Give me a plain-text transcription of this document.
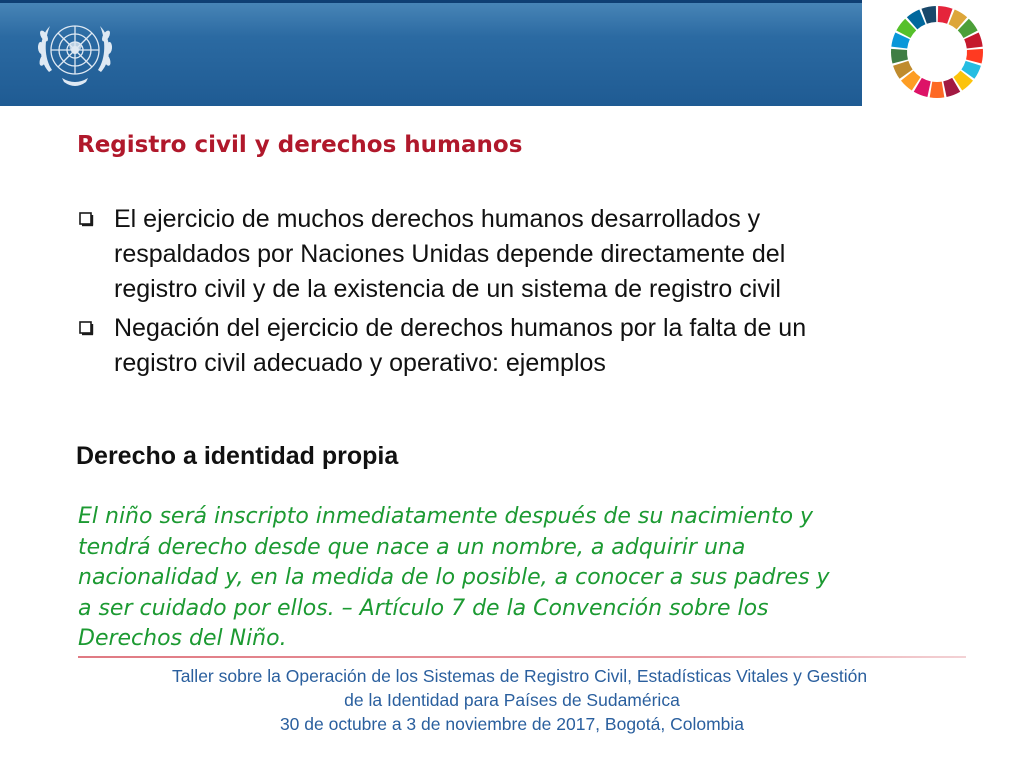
Registro civil y derechos humanos
El ejercicio de muchos derechos humanos desarrollados y
respaldados por Naciones Unidas depende directamente del
registro civil y de la existencia de un sistema de registro civil
Negación del ejercicio de derechos humanos por la falta de un
registro civil adecuado y operativo: ejemplos
Derecho a identidad propia

El niño será inscripto inmediatamente después de su nacimiento y
tendrá derecho desde que nace a un nombre, a adquirir una
nacionalidad y, en la medida de lo posible, a conocer a sus padres y
a ser cuidado por ellos. – Artículo 7 de la Convención sobre los
Derechos del Niño.

Taller sobre la Operación de los Sistemas de Registro Civil, Estadísticas Vitales y Gestión
de la Identidad para Países de Sudamérica
30 de octubre a 3 de noviembre de 2017, Bogotá, Colombia
